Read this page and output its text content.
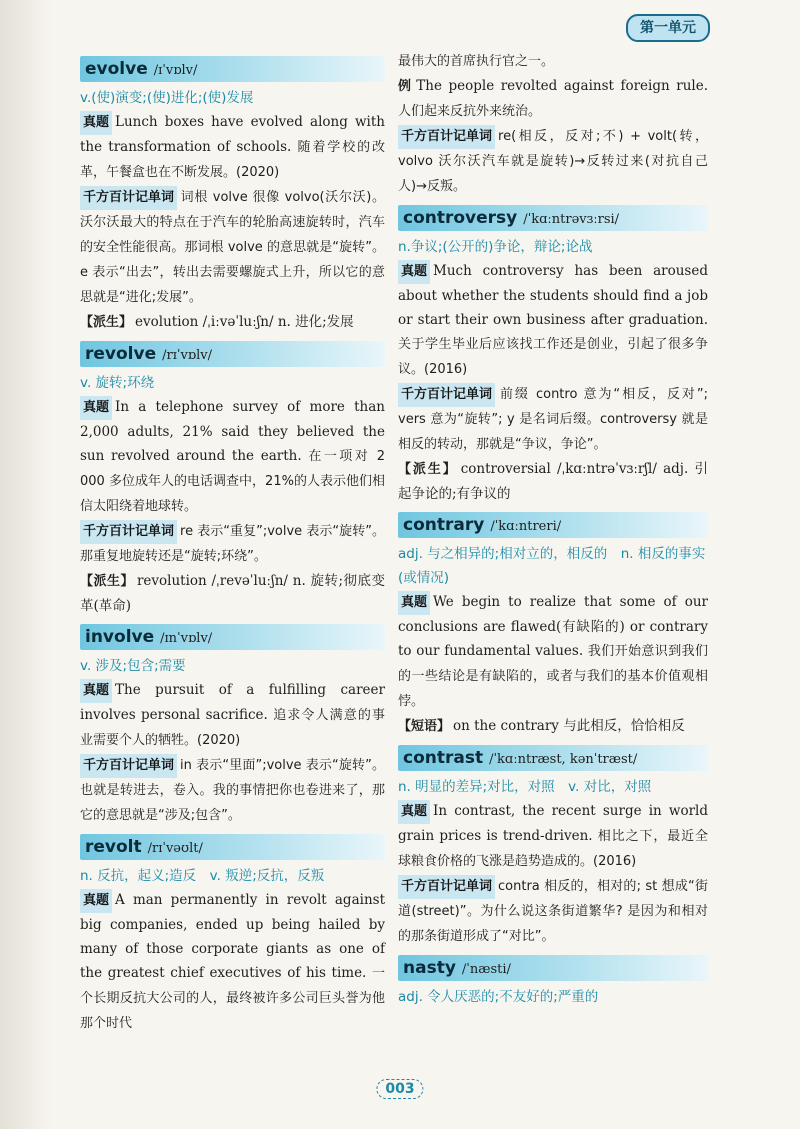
第一单元
evolve /ɪˈvɒlv/
v.(使)演变;(使)进化;(使)发展

真题 Lunch boxes have evolved along with the transformation of schools. 随着学校的改革，午餐盒也在不断发展。(2020)

千方百计记单词 词根 volve 很像 volvo(沃尔沃)。沃尔沃最大的特点在于汽车的轮胎高速旋转时，汽车的安全性能很高。那词根 volve 的意思就是“旋转”。e 表示“出去”，转出去需要螺旋式上升，所以它的意思就是“进化;发展”。

【派生】 evolution /ˌiːvəˈluːʃn/ n. 进化;发展

revolve /rɪˈvɒlv/
v. 旋转;环绕

真题 In a telephone survey of more than 2,000 adults, 21% said they believed the sun revolved around the earth. 在一项对 2 000 多位成年人的电话调查中，21%的人表示他们相信太阳绕着地球转。

千方百计记单词 re 表示“重复”;volve 表示“旋转”。那重复地旋转还是“旋转;环绕”。

【派生】 revolution /ˌrevəˈluːʃn/ n. 旋转;彻底变革(革命)

involve /ɪnˈvɒlv/
v. 涉及;包含;需要

真题 The pursuit of a fulfilling career involves personal sacrifice. 追求令人满意的事业需要个人的牺牲。(2020)

千方百计记单词 in 表示“里面”;volve 表示“旋转”。也就是转进去，卷入。我的事情把你也卷进来了，那它的意思就是“涉及;包含”。

revolt /rɪˈvəʊlt/
n. 反抗，起义;造反　v. 叛逆;反抗，反叛

真题 A man permanently in revolt against big companies, ended up being hailed by many of those corporate giants as one of the greatest chief executives of his time. 一个长期反抗大公司的人，最终被许多公司巨头誉为他那个时代

最伟大的首席执行官之一。

例 The people revolted against foreign rule. 人们起来反抗外来统治。

千方百计记单词 re(相反，反对;不) + volt(转，volvo 沃尔沃汽车就是旋转)→反转过来(对抗自己人)→反叛。

controversy /ˈkɑːntrəvɜːrsi/
n.争议;(公开的)争论，辩论;论战

真题 Much controversy has been aroused about whether the students should find a job or start their own business after graduation. 关于学生毕业后应该找工作还是创业，引起了很多争议。(2016)

千方百计记单词 前缀 contro 意为“相反，反对”; vers 意为“旋转”; y 是名词后缀。controversy 就是相反的转动，那就是“争议，争论”。

【派生】 controversial /ˌkɑːntrəˈvɜːrʃl/ adj. 引起争论的;有争议的

contrary /ˈkɑːntreri/
adj. 与之相异的;相对立的，相反的　n. 相反的事实(或情况)

真题 We begin to realize that some of our conclusions are flawed(有缺陷的) or contrary to our fundamental values. 我们开始意识到我们的一些结论是有缺陷的，或者与我们的基本价值观相悖。

【短语】 on the contrary 与此相反，恰恰相反

contrast /ˈkɑːntræst, kənˈtræst/
n. 明显的差异;对比，对照　v. 对比，对照

真题 In contrast, the recent surge in world grain prices is trend-driven. 相比之下，最近全球粮食价格的飞涨是趋势造成的。(2016)

千方百计记单词 contra 相反的，相对的; st 想成“街道(street)”。为什么说这条街道繁华? 是因为和相对的那条街道形成了“对比”。

nasty /ˈnæsti/
adj. 令人厌恶的;不友好的;严重的
003
